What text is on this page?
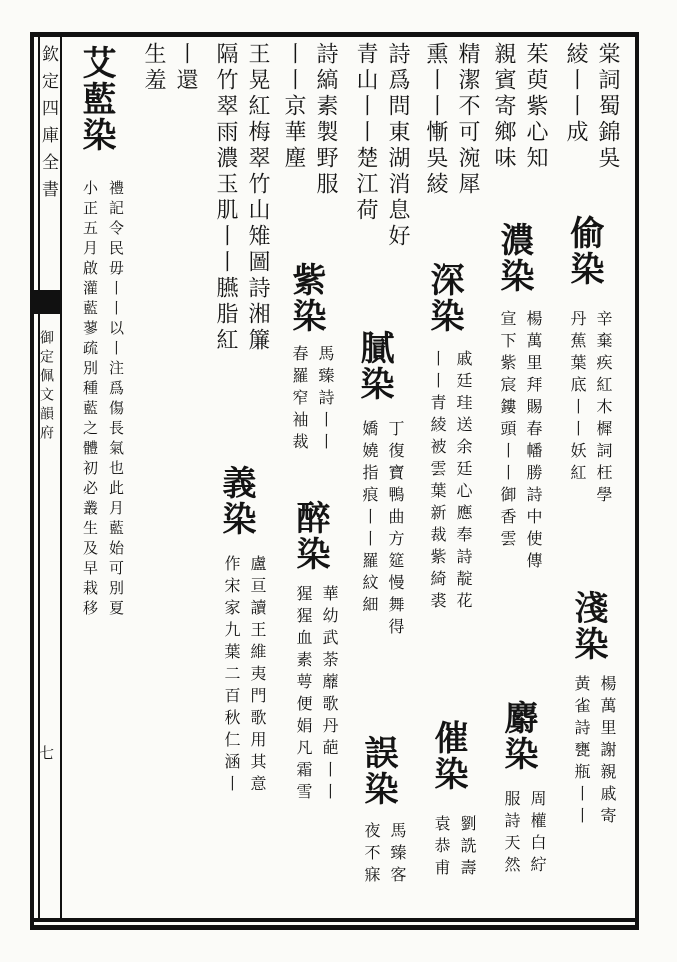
欽定四庫全書
御定佩文韻府
七
棠詞蜀錦吳
綾丨丨成
偷染
辛棄疾紅木樨詞枉學
丹蕉葉底丨丨妖紅
淺染
楊萬里謝親戚寄
黃雀詩甕瓶丨丨
茱萸紫心知
親賓寄鄉味
濃染
楊萬里拜賜春幡勝詩中使傳
宣下紫宸鏤頭丨丨御香雲
麝染
周權白紵
服詩天然
精潔不可涴犀
熏丨丨慚吳綾
深染
戚廷珪送余廷心應奉詩靛花
丨丨青綾被雲葉新裁紫綺裘
催染
劉詵壽
袁恭甫
詩爲問東湖消息好
青山丨丨楚江荷
膩染
丁復寶鴨曲方筵慢舞得
嬌嬈指痕丨丨羅紋細
誤染
馬臻客
夜不寐
詩縞素製野服
丨丨京華塵
紫染
馬臻詩丨丨
春羅窄袖裁
醉染
華幼武荼蘼歌丹葩丨丨
猩猩血素萼便娟凡霜雪
王晃紅梅翠竹山雉圖詩湘簾
隔竹翠雨濃玉肌丨丨臙脂紅
義染
盧亘讀王維夷門歌用其意
作宋家九葉二百秋仁涵丨
丨還
生羞
艾藍染
禮記令民毋丨丨以丨注爲傷長氣也此月藍始可別夏
小正五月啟灌藍蓼疏別種藍之體初必叢生及早栽移
